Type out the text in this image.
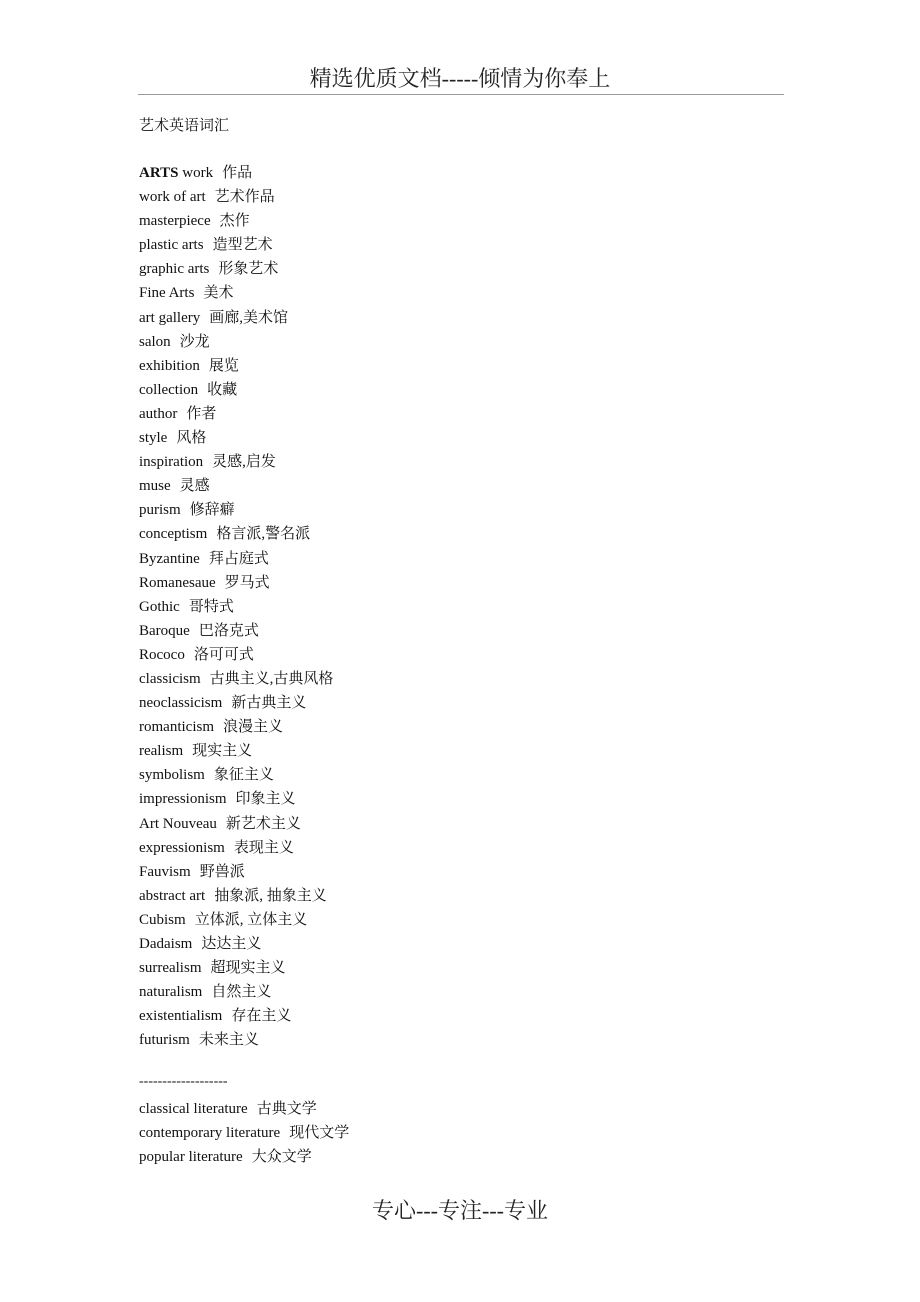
精选优质文档-----倾情为你奉上
艺术英语词汇
ARTS work 作品
work of art 艺术作品
masterpiece 杰作
plastic arts 造型艺术
graphic arts 形象艺术
Fine Arts 美术
art gallery 画廊,美术馆
salon 沙龙
exhibition 展览
collection 收藏
author 作者
style 风格
inspiration 灵感,启发
muse 灵感
purism 修辞癖
conceptism 格言派,警名派
Byzantine 拜占庭式
Romanesaue 罗马式
Gothic 哥特式
Baroque 巴洛克式
Rococo 洛可可式
classicism 古典主义,古典风格
neoclassicism 新古典主义
romanticism 浪漫主义
realism 现实主义
symbolism 象征主义
impressionism 印象主义
Art Nouveau 新艺术主义
expressionism 表现主义
Fauvism 野兽派
abstract art 抽象派, 抽象主义
Cubism 立体派, 立体主义
Dadaism 达达主义
surrealism 超现实主义
naturalism 自然主义
existentialism 存在主义
futurism 未来主义
-------------------
classical literature 古典文学
contemporary literature 现代文学
popular literature 大众文学
专心---专注---专业
